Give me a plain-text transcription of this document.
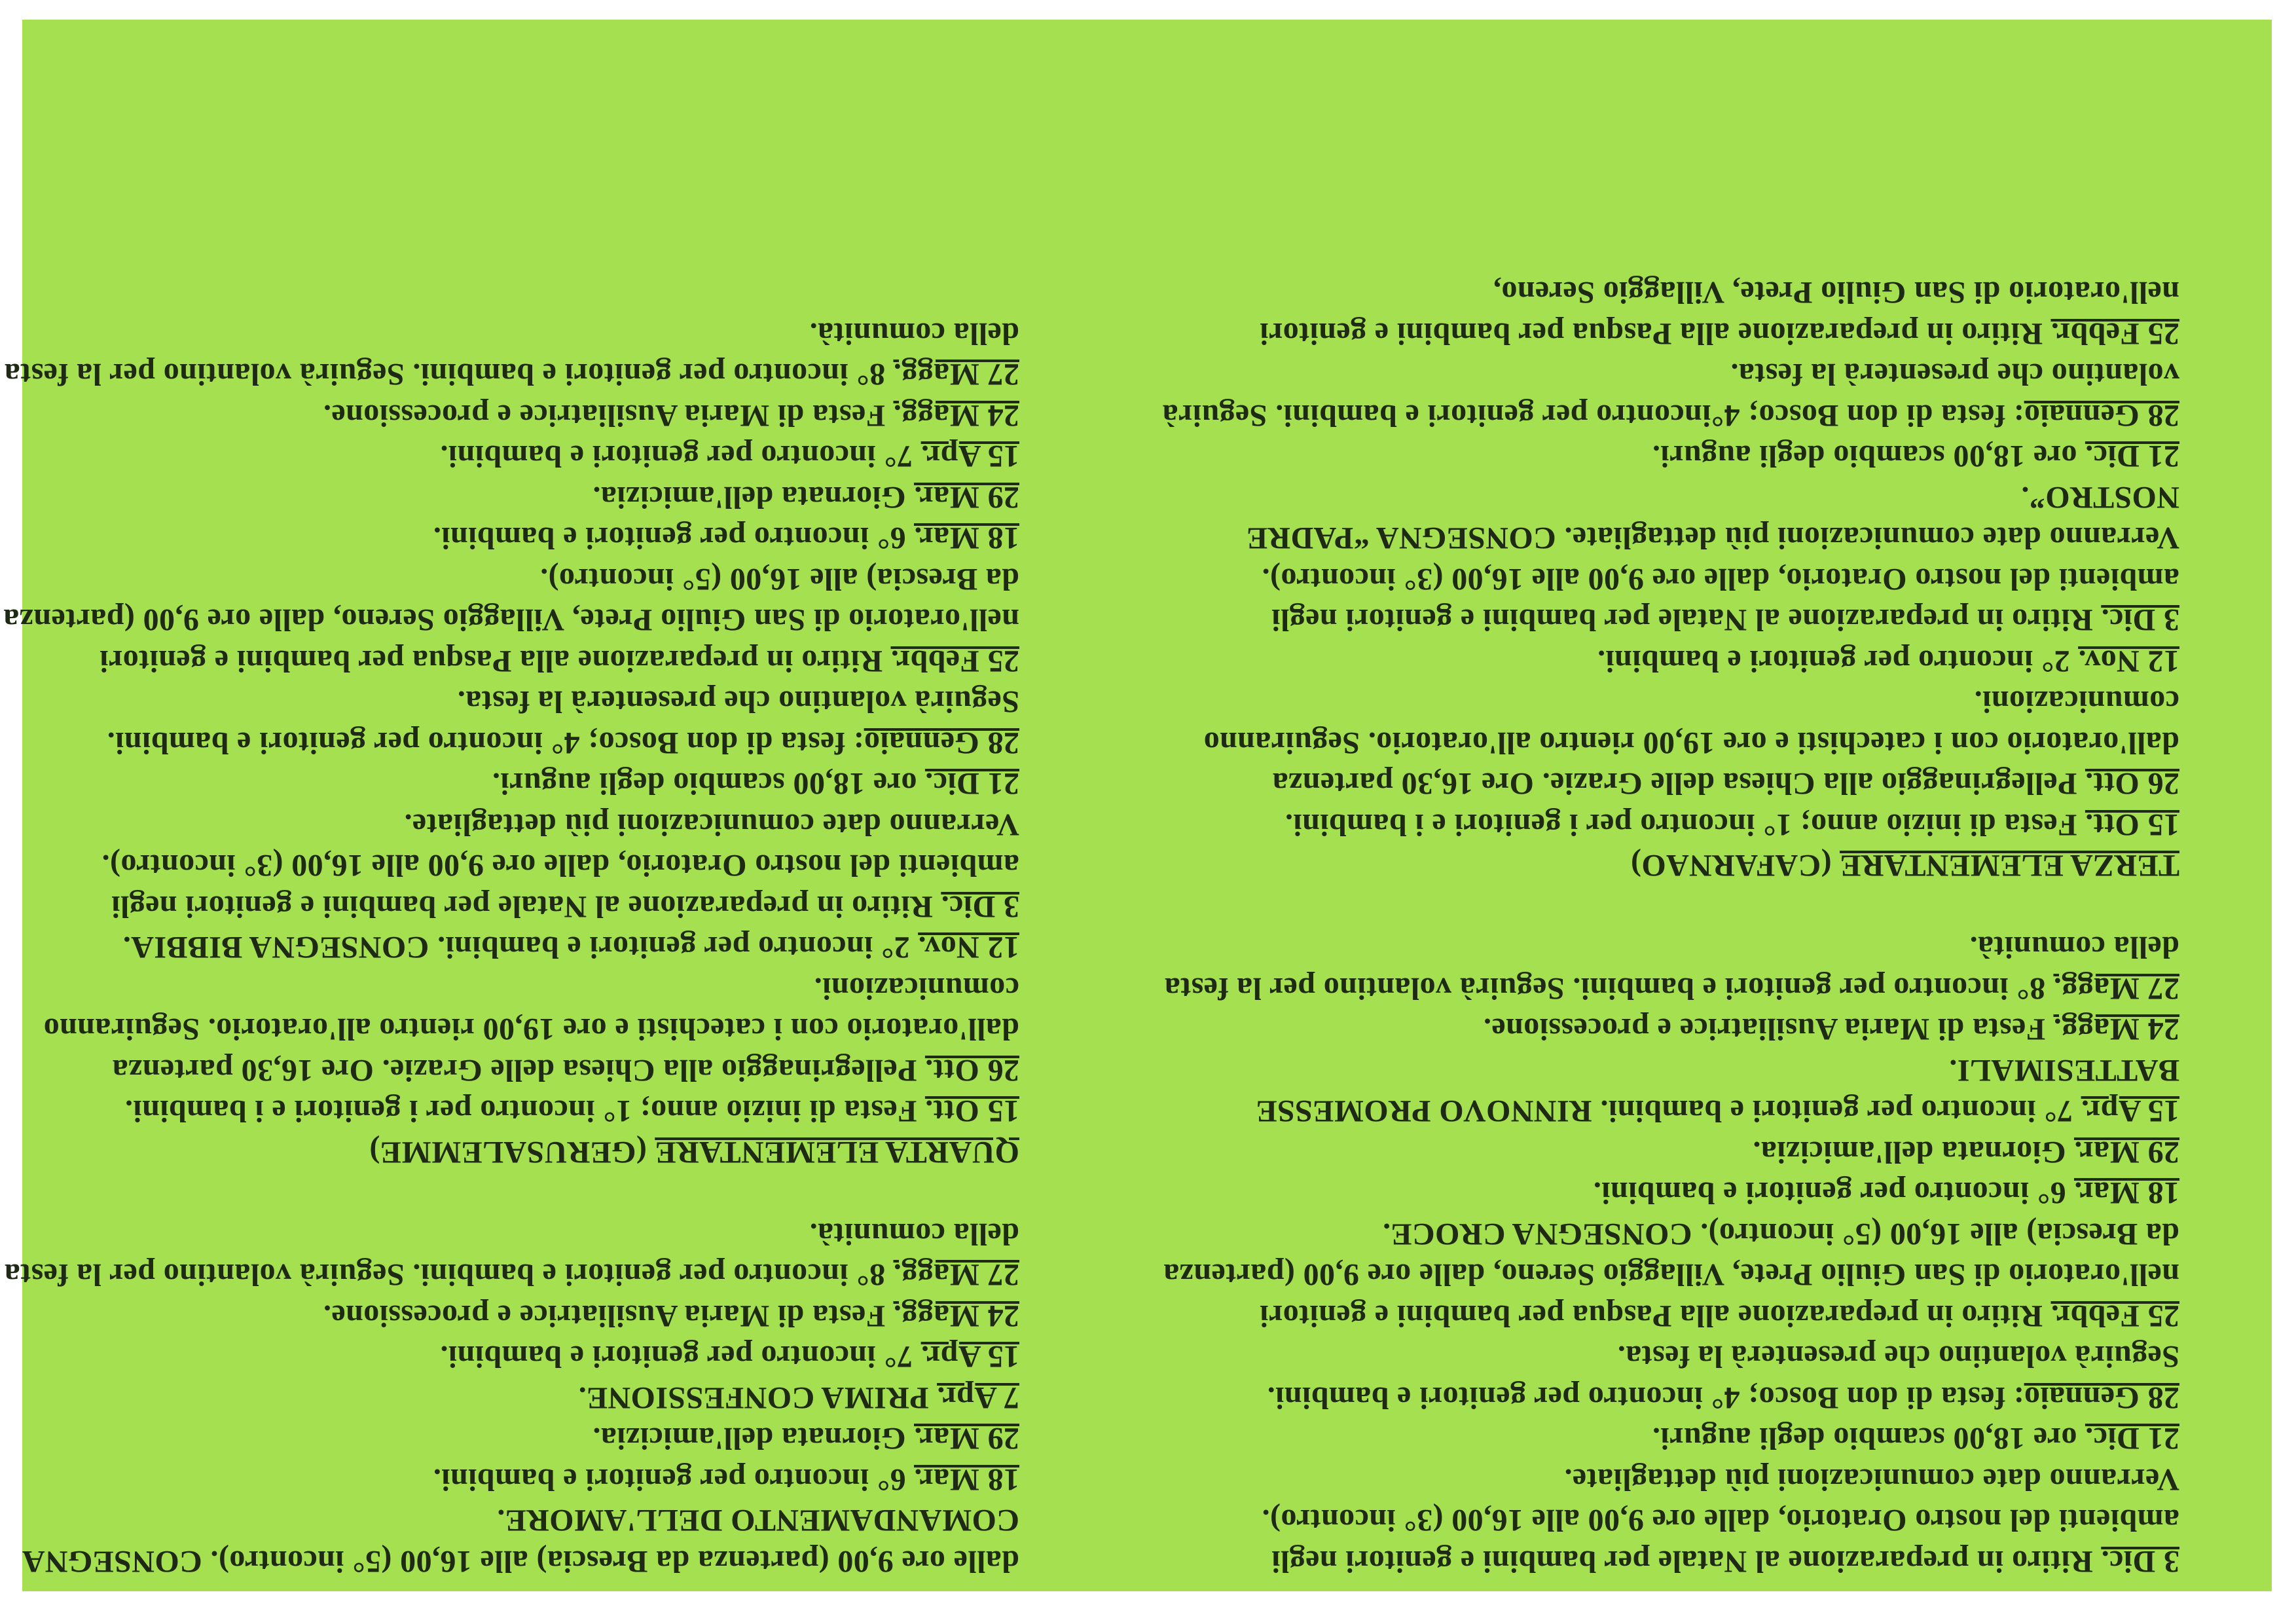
3 Dic. Ritiro in preparazione al Natale per bambini e genitori negli ambienti del nostro Oratorio, dalle ore 9,00 alle 16,00 (3° incontro). Verranno date comunicazioni più dettagliate.

21 Dic. ore 18,00 scambio degli auguri.

28 Gennaio: festa di don Bosco; 4° incontro per genitori e bambini. Seguirà volantino che presenterà la festa.

25 Febbr. Ritiro in preparazione alla Pasqua per bambini e genitori nell'oratorio di San Giulio Prete, Villaggio Sereno, dalle ore 9,00 (partenza da Brescia) alle 16,00 (5° incontro). CONSEGNA CROCE.

18 Mar. 6° incontro per genitori e bambini.

29 Mar. Giornata dell'amicizia.

15 Apr. 7° incontro per genitori e bambini. RINNOVO PROMESSE BATTESIMALI.

24 Magg. Festa di Maria Ausiliatrice e processione.

27 Magg. 8° incontro per genitori e bambini. Seguirà volantino per la festa della comunità.

TERZA ELEMENTARE (CAFARNAO)

15 Ott. Festa di inizio anno; 1° incontro per i genitori e i bambini.

26 Ott. Pellegrinaggio alla Chiesa delle Grazie. Ore 16,30 partenza dall'oratorio con i catechisti e ore 19,00 rientro all'oratorio. Seguiranno comunicazioni.

12 Nov. 2° incontro per genitori e bambini.

3 Dic. Ritiro in preparazione al Natale per bambini e genitori negli ambienti del nostro Oratorio, dalle ore 9,00 alle 16,00 (3° incontro). Verranno date comunicazioni più dettagliate. CONSEGNA “PADRE NOSTRO”.

21 Dic. ore 18,00 scambio degli auguri.

28 Gennaio: festa di don Bosco; 4°incontro per genitori e bambini. Seguirà volantino che presenterà la festa.

25 Febbr. Ritiro in preparazione alla Pasqua per bambini e genitori nell'oratorio di San Giulio Prete, Villaggio Sereno,

dalle ore 9,00 (partenza da Brescia) alle 16,00 (5° incontro). CONSEGNA COMANDAMENTO DELL'AMORE.

18 Mar. 6° incontro per genitori e bambini.

29 Mar. Giornata dell'amicizia.

7 Apr. PRIMA CONFESSIONE.

15 Apr. 7° incontro per genitori e bambini.

24 Magg. Festa di Maria Ausiliatrice e processione.

27 Magg. 8° incontro per genitori e bambini. Seguirà volantino per la festa della comunità.

QUARTA ELEMENTARE (GERUSALEMME)

15 Ott. Festa di inizio anno; 1° incontro per i genitori e i bambini.

26 Ott. Pellegrinaggio alla Chiesa delle Grazie. Ore 16,30 partenza dall'oratorio con i catechisti e ore 19,00 rientro all'oratorio. Seguiranno comunicazioni.

12 Nov. 2° incontro per genitori e bambini. CONSEGNA BIBBIA.

3 Dic. Ritiro in preparazione al Natale per bambini e genitori negli ambienti del nostro Oratorio, dalle ore 9,00 alle 16,00 (3° incontro). Verranno date comunicazioni più dettagliate.

21 Dic. ore 18,00 scambio degli auguri.

28 Gennaio: festa di don Bosco; 4° incontro per genitori e bambini. Seguirà volantino che presenterà la festa.

25 Febbr. Ritiro in preparazione alla Pasqua per bambini e genitori nell'oratorio di San Giulio Prete, Villaggio Sereno, dalle ore 9,00 (partenza da Brescia) alle 16,00 (5° incontro).

18 Mar. 6° incontro per genitori e bambini.

29 Mar. Giornata dell'amicizia.

15 Apr. 7° incontro per genitori e bambini.

24 Magg. Festa di Maria Ausiliatrice e processione.

27 Magg. 8° incontro per genitori e bambini. Seguirà volantino per la festa della comunità.
